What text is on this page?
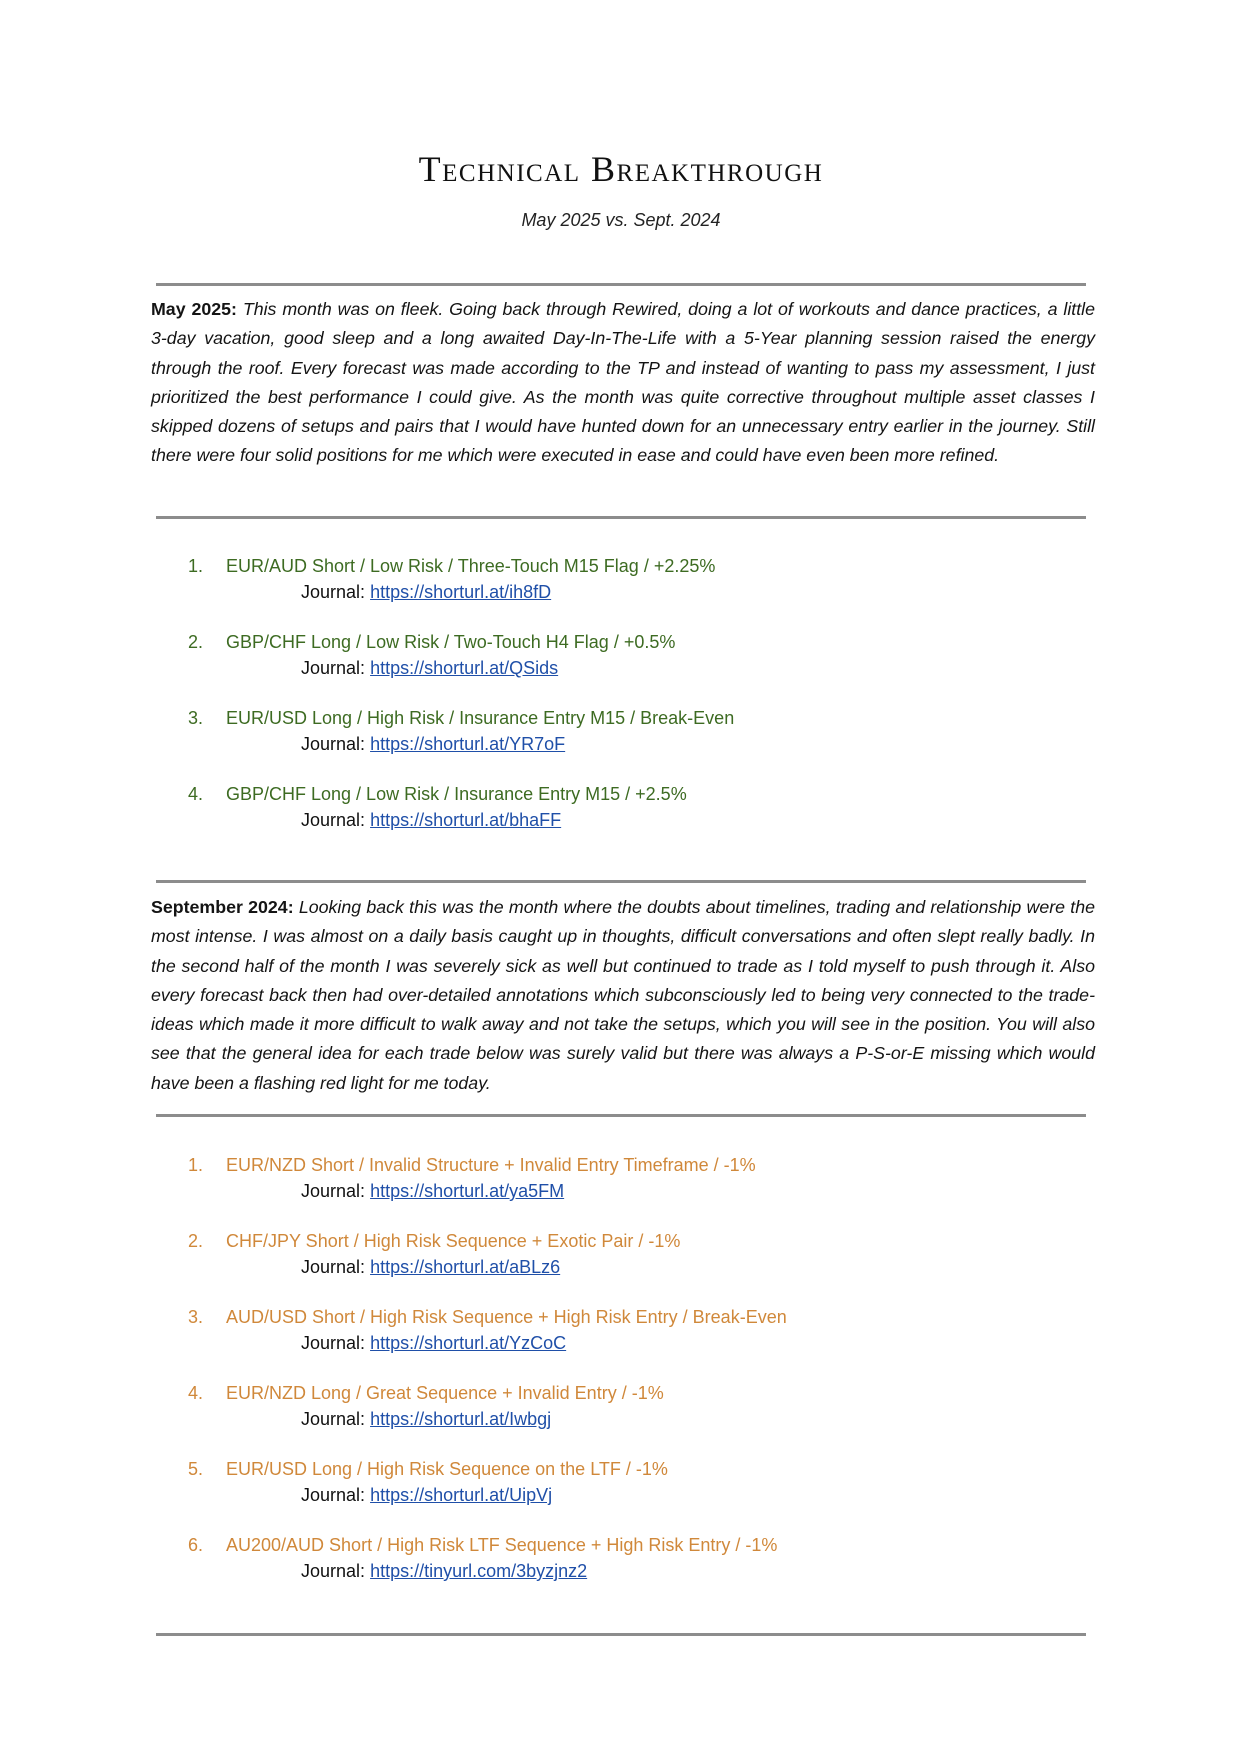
Technical Breakthrough
May 2025 vs. Sept. 2024
May 2025: This month was on fleek. Going back through Rewired, doing a lot of workouts and dance practices, a little 3-day vacation, good sleep and a long awaited Day-In-The-Life with a 5-Year planning session raised the energy through the roof. Every forecast was made according to the TP and instead of wanting to pass my assessment, I just prioritized the best performance I could give. As the month was quite corrective throughout multiple asset classes I skipped dozens of setups and pairs that I would have hunted down for an unnecessary entry earlier in the journey. Still there were four solid positions for me which were executed in ease and could have even been more refined.
1. EUR/AUD Short / Low Risk / Three-Touch M15 Flag / +2.25%
Journal: https://shorturl.at/ih8fD
2. GBP/CHF Long / Low Risk / Two-Touch H4 Flag / +0.5%
Journal: https://shorturl.at/QSids
3. EUR/USD Long / High Risk / Insurance Entry M15 / Break-Even
Journal: https://shorturl.at/YR7oF
4. GBP/CHF Long / Low Risk / Insurance Entry M15 / +2.5%
Journal: https://shorturl.at/bhaFF
September 2024: Looking back this was the month where the doubts about timelines, trading and relationship were the most intense. I was almost on a daily basis caught up in thoughts, difficult conversations and often slept really badly. In the second half of the month I was severely sick as well but continued to trade as I told myself to push through it. Also every forecast back then had over-detailed annotations which subconsciously led to being very connected to the trade-ideas which made it more difficult to walk away and not take the setups, which you will see in the position. You will also see that the general idea for each trade below was surely valid but there was always a P-S-or-E missing which would have been a flashing red light for me today.
1. EUR/NZD Short / Invalid Structure + Invalid Entry Timeframe / -1%
Journal: https://shorturl.at/ya5FM
2. CHF/JPY Short / High Risk Sequence + Exotic Pair / -1%
Journal: https://shorturl.at/aBLz6
3. AUD/USD Short / High Risk Sequence + High Risk Entry / Break-Even
Journal: https://shorturl.at/YzCoC
4. EUR/NZD Long / Great Sequence + Invalid Entry / -1%
Journal: https://shorturl.at/Iwbgj
5. EUR/USD Long / High Risk Sequence on the LTF / -1%
Journal: https://shorturl.at/UipVj
6. AU200/AUD Short / High Risk LTF Sequence + High Risk Entry / -1%
Journal: https://tinyurl.com/3byzjnz2
